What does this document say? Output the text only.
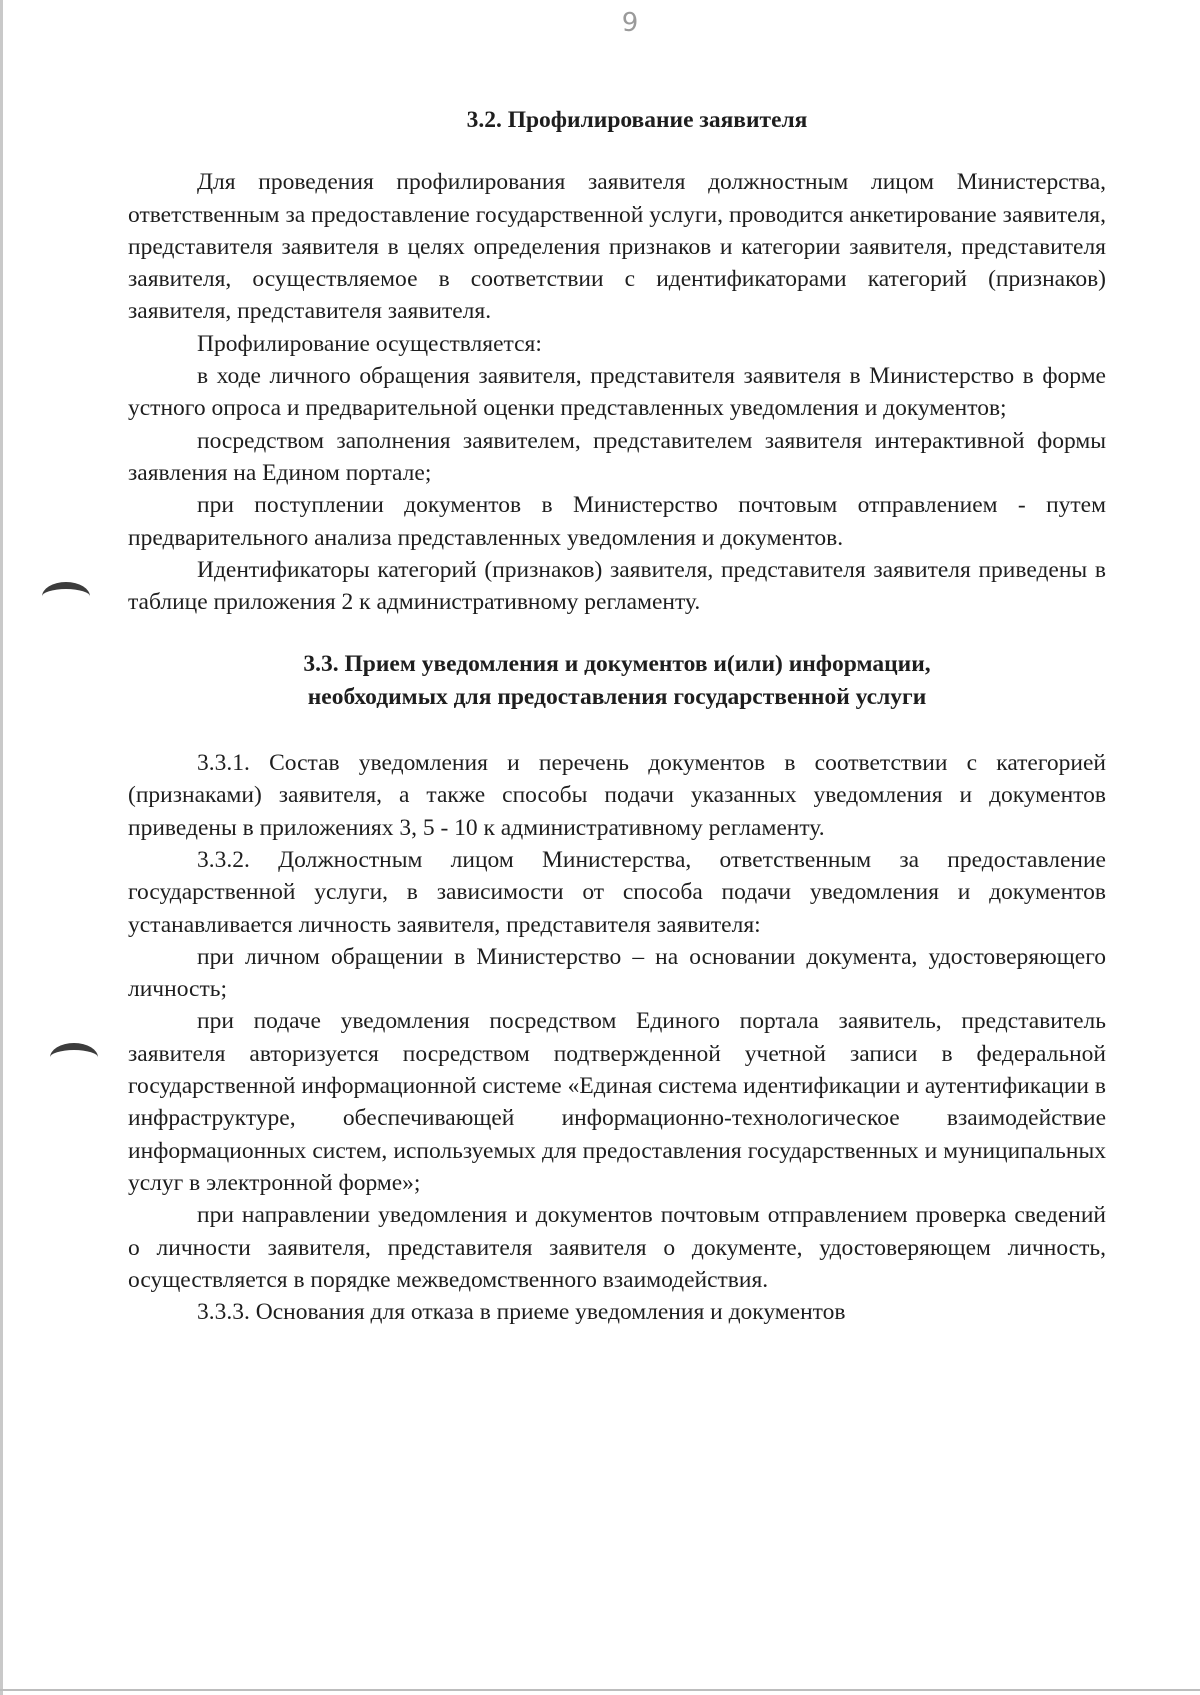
9
3.2. Профилирование заявителя

Для проведения профилирования заявителя должностным лицом Министерства, ответственным за предоставление государственной услуги, проводится анкетирование заявителя, представителя заявителя в целях определения признаков и категории заявителя, представителя заявителя, осуществляемое в соответствии с идентификаторами категорий (признаков) заявителя, представителя заявителя.

Профилирование осуществляется:

в ходе личного обращения заявителя, представителя заявителя в Министерство в форме устного опроса и предварительной оценки представленных уведомления и документов;

посредством заполнения заявителем, представителем заявителя интерактивной формы заявления на Едином портале;

при поступлении документов в Министерство почтовым отправлением - путем предварительного анализа представленных уведомления и документов.

Идентификаторы категорий (признаков) заявителя, представителя заявителя приведены в таблице приложения 2 к административному регламенту.

3.3. Прием уведомления и документов и(или) информации,
необходимых для предоставления государственной услуги

3.3.1. Состав уведомления и перечень документов в соответствии с категорией (признаками) заявителя, а также способы подачи указанных уведомления и документов приведены в приложениях 3, 5 - 10 к административному регламенту.

3.3.2. Должностным лицом Министерства, ответственным за предоставление государственной услуги, в зависимости от способа подачи уведомления и документов устанавливается личность заявителя, представителя заявителя:

при личном обращении в Министерство – на основании документа, удостоверяющего личность;

при подаче уведомления посредством Единого портала заявитель, представитель заявителя авторизуется посредством подтвержденной учетной записи в федеральной государственной информационной системе «Единая система идентификации и аутентификации в инфраструктуре, обеспечивающей информационно-технологическое взаимодействие информационных систем, используемых для предоставления государственных и муниципальных услуг в электронной форме»;

при направлении уведомления и документов почтовым отправлением проверка сведений о личности заявителя, представителя заявителя о документе, удостоверяющем личность, осуществляется в порядке межведомственного взаимодействия.

3.3.3. Основания для отказа в приеме уведомления и документов
